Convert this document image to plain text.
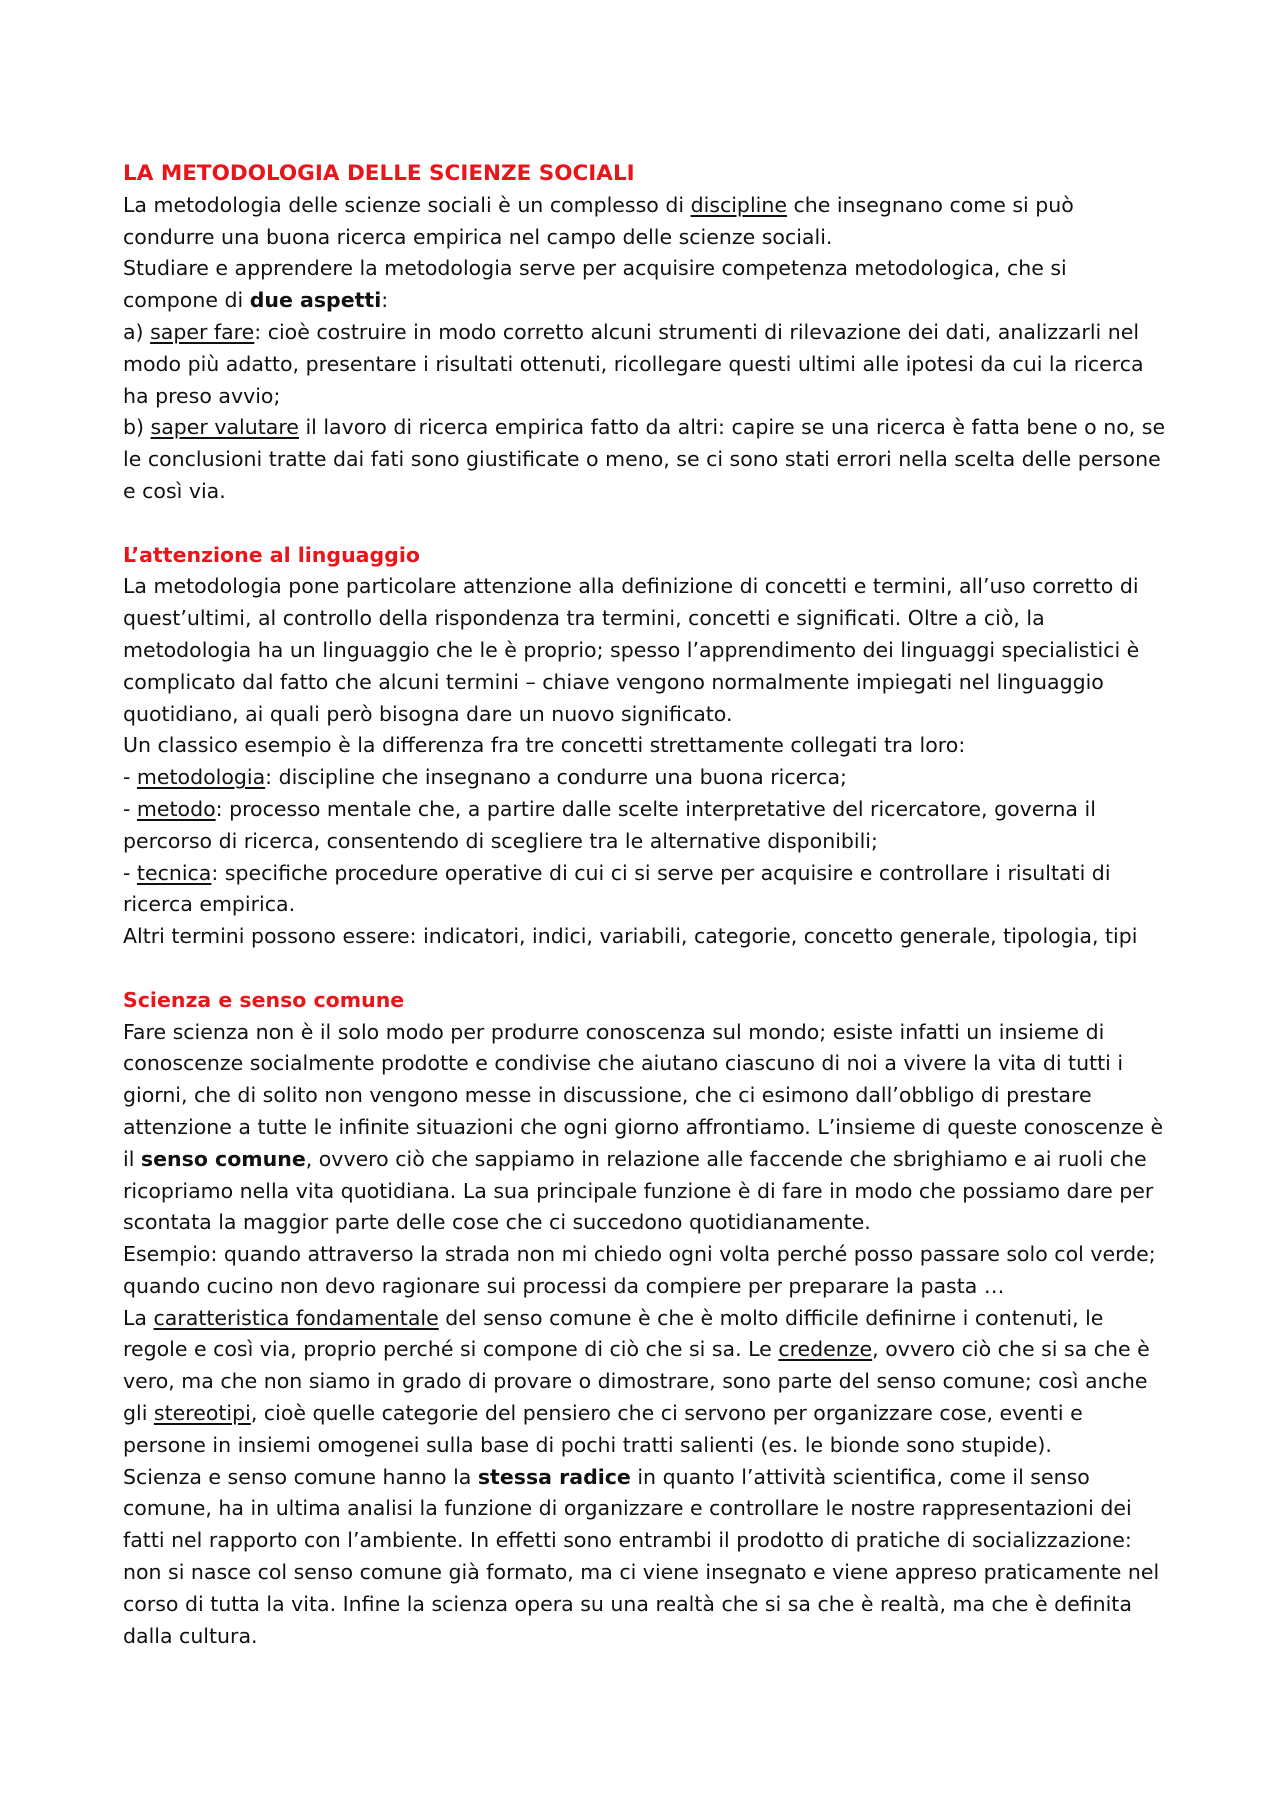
LA METODOLOGIA DELLE SCIENZE SOCIALI

La metodologia delle scienze sociali è un complesso di discipline che insegnano come si può condurre una buona ricerca empirica nel campo delle scienze sociali.

Studiare e apprendere la metodologia serve per acquisire competenza metodologica, che si compone di due aspetti:

a) saper fare: cioè costruire in modo corretto alcuni strumenti di rilevazione dei dati, analizzarli nel modo più adatto, presentare i risultati ottenuti, ricollegare questi ultimi alle ipotesi da cui la ricerca ha preso avvio;

b) saper valutare il lavoro di ricerca empirica fatto da altri: capire se una ricerca è fatta bene o no, se le conclusioni tratte dai fati sono giustificate o meno, se ci sono stati errori nella scelta delle persone e così via.

L’attenzione al linguaggio

La metodologia pone particolare attenzione alla definizione di concetti e termini, all’uso corretto di quest’ultimi, al controllo della rispondenza tra termini, concetti e significati. Oltre a ciò, la metodologia ha un linguaggio che le è proprio; spesso l’apprendimento dei linguaggi specialistici è complicato dal fatto che alcuni termini – chiave vengono normalmente impiegati nel linguaggio quotidiano, ai quali però bisogna dare un nuovo significato.

Un classico esempio è la differenza fra tre concetti strettamente collegati tra loro:

- metodologia: discipline che insegnano a condurre una buona ricerca;

- metodo: processo mentale che, a partire dalle scelte interpretative del ricercatore, governa il percorso di ricerca, consentendo di scegliere tra le alternative disponibili;

- tecnica: specifiche procedure operative di cui ci si serve per acquisire e controllare i risultati di ricerca empirica.

Altri termini possono essere: indicatori, indici, variabili, categorie, concetto generale, tipologia, tipi

Scienza e senso comune

Fare scienza non è il solo modo per produrre conoscenza sul mondo; esiste infatti un insieme di conoscenze socialmente prodotte e condivise che aiutano ciascuno di noi a vivere la vita di tutti i giorni, che di solito non vengono messe in discussione, che ci esimono dall’obbligo di prestare attenzione a tutte le infinite situazioni che ogni giorno affrontiamo. L’insieme di queste conoscenze è il senso comune, ovvero ciò che sappiamo in relazione alle faccende che sbrighiamo e ai ruoli che ricopriamo nella vita quotidiana. La sua principale funzione è di fare in modo che possiamo dare per scontata la maggior parte delle cose che ci succedono quotidianamente.

Esempio: quando attraverso la strada non mi chiedo ogni volta perché posso passare solo col verde; quando cucino non devo ragionare sui processi da compiere per preparare la pasta …

La caratteristica fondamentale del senso comune è che è molto difficile definirne i contenuti, le regole e così via, proprio perché si compone di ciò che si sa. Le credenze, ovvero ciò che si sa che è vero, ma che non siamo in grado di provare o dimostrare, sono parte del senso comune; così anche gli stereotipi, cioè quelle categorie del pensiero che ci servono per organizzare cose, eventi e persone in insiemi omogenei sulla base di pochi tratti salienti (es. le bionde sono stupide).

Scienza e senso comune hanno la stessa radice in quanto l’attività scientifica, come il senso comune, ha in ultima analisi la funzione di organizzare e controllare le nostre rappresentazioni dei fatti nel rapporto con l’ambiente. In effetti sono entrambi il prodotto di pratiche di socializzazione: non si nasce col senso comune già formato, ma ci viene insegnato e viene appreso praticamente nel corso di tutta la vita. Infine la scienza opera su una realtà che si sa che è realtà, ma che è definita dalla cultura.
